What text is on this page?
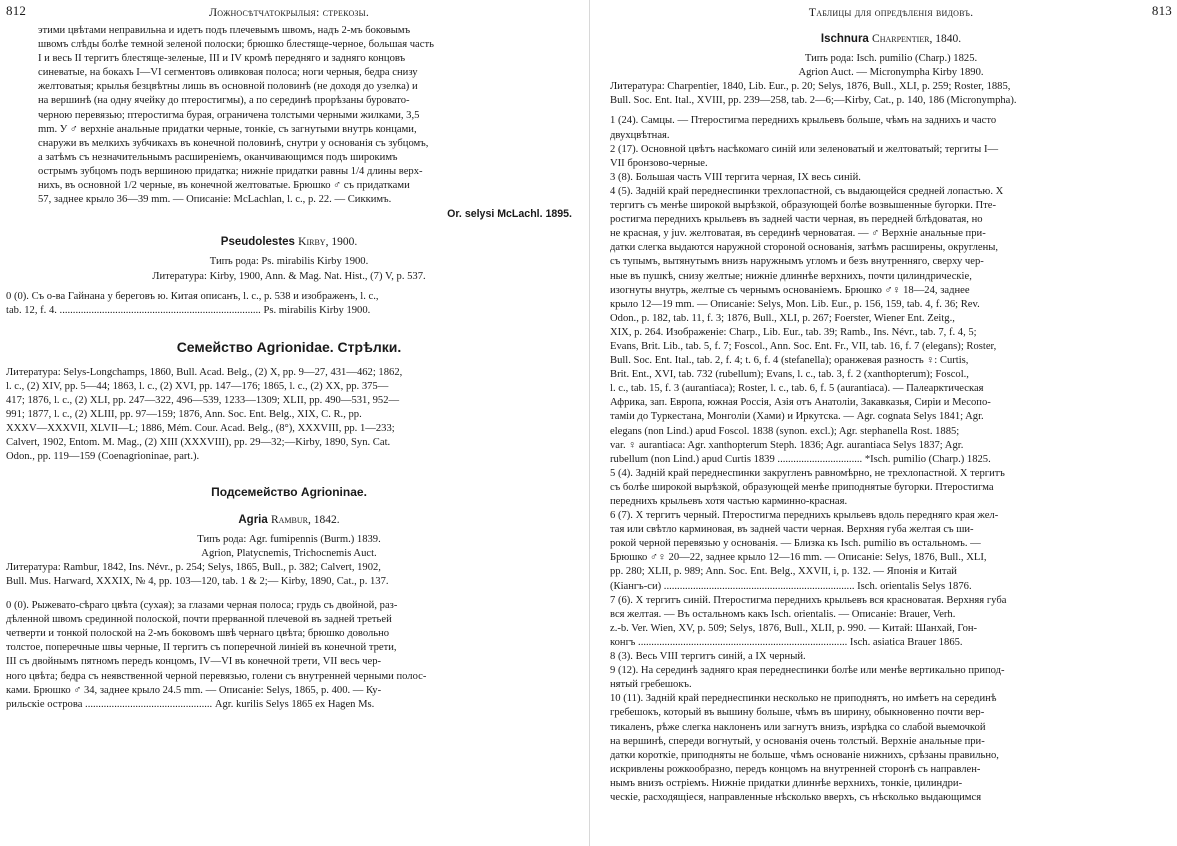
812	Ложносѣтчатокрылыя: стрекозы.
этими цвѣтами неправильна и идетъ подъ плечевымъ швомъ, надъ 2-мъ боковымъ
швомъ слѣды болѣе темной зеленой полоски; брюшко блестяще-черное, большая часть
I и весь II тергитъ блестяще-зеленые, III и IV кромѣ передняго и задняго концовъ
синеватые, на бокахъ I—VI сегментовъ оливковая полоса; ноги черныя, бедра снизу
желтоватыя; крылья безцвѣтны лишь въ основной половинѣ (не доходя до узелка) и
на вершинѣ (на одну ячейку до птеростигмы), а по серединѣ прорѣзаны буровато-
черною перевязью; птеростигма бурая, ограничена толстыми черными жилками, 3,5
mm. У ♂ верхніе анальные придатки черные, тонкіе, съ загнутыми внутрь концами,
снаружи въ мелкихъ зубчикахъ въ конечной половинѣ, снутри у основанія съ зубцомъ,
а затѣмъ съ незначительнымъ расширеніемъ, оканчивающимся подъ широкимъ
острымъ зубцомъ подъ вершиною придатка; нижніе придатки равны 1/4 длины верх-
нихъ, въ основной 1/2 черные, въ конечной желтоватые. Брюшко ♂ съ придатками
57, заднее крыло 36—39 mm. — Описаніе: McLachlan, l. c., p. 22. — Сиккимъ.
Or. selysi McLachl. 1895.
Pseudolestes Kirby, 1900.
Типъ рода: Ps. mirabilis Kirby 1900.
Литература: Kirby, 1900, Ann. & Mag. Nat. Hist., (7) V, p. 537.
0 (0). Съ о-ва Гайнана у береговъ ю. Китая описанъ, l. c., p. 538 и изображенъ, l. c.,
tab. 12, f. 4. ............................................................................ Ps. mirabilis Kirby 1900.
Семейство Agrionidae. Стрѣлки.
Литература: Selys-Longchamps, 1860, Bull. Acad. Belg., (2) X, pp. 9—27, 431—462; 1862,
l. c., (2) XIV, pp. 5—44; 1863, l. c., (2) XVI, pp. 147—176; 1865, l. c., (2) XX, pp. 375—
417; 1876, l. c., (2) XLI, pp. 247—322, 496—539, 1233—1309; XLII, pp. 490—531, 952—
991; 1877, l. c., (2) XLIII, pp. 97—159; 1876, Ann. Soc. Ent. Belg., XIX, C. R., pp.
XXXV—XXXVII, XLVII—L; 1886, Mém. Cour. Acad. Belg., (8°), XXXVIII, pp. 1—233;
Calvert, 1902, Entom. M. Mag., (2) XIII (XXXVIII), pp. 29—32;—Kirby, 1890, Syn. Cat.
Odon., pp. 119—159 (Coenagrioninae, part.).
Подсемейство Agrioninae.
Agria Rambur, 1842.
Типъ рода: Agr. fumipennis (Burm.) 1839.
Agrion, Platycnemis, Trichocnemis Auct.
Литература: Rambur, 1842, Ins. Névr., p. 254; Selys, 1865, Bull., p. 382; Calvert, 1902,
Bull. Mus. Harward, XXXIX, № 4, pp. 103—120, tab. 1 & 2;— Kirby, 1890, Cat., p. 137.
0 (0). Рыжевато-сѣраго цвѣта (сухая); за глазами черная полоса; грудь съ двойной, раз-
дѣленной швомъ срединной полоской, почти прерванной плечевой въ задней третьей
четверти и тонкой полоской на 2-мъ боковомъ швѣ чернаго цвѣта; брюшко довольно
толстое, поперечные швы черные, II тергитъ съ поперечной линіей въ конечной трети,
III съ двойнымъ пятномъ передъ концомъ, IV—VI въ конечной трети, VII весь чер-
ного цвѣта; бедра съ неявственной черной перевязью, голени съ внутренней черными полос-
ками. Брюшко ♂ 34, заднее крыло 24.5 mm. — Описаніе: Selys, 1865, p. 400. — Ку-
рильскіе острова ................................................ Agr. kurilis Selys 1865 ex Hagen Ms.
Таблицы для опредѣленія видовъ.	813
Ischnura Charpentier, 1840.
Типъ рода: Isch. pumilio (Charp.) 1825.
Agrion Auct. — Micronympha Kirby 1890.
Литература: Charpentier, 1840, Lib. Eur., p. 20; Selys, 1876, Bull., XLI, p. 259; Roster, 1885,
Bull. Soc. Ent. Ital., XVIII, pp. 239—258, tab. 2—6;—Kirby, Cat., p. 140, 186 (Micronympha).
1 (24). Самцы. — Птеростигма переднихъ крыльевъ больше, чѣмъ на заднихъ и часто
двухцвѣтная.
2 (17). Основной цвѣтъ насѣкомаго синій или зеленоватый и желтоватый; тергиты I—
VII бронзово-черные.
3 (8). Большая часть VIII тергита черная, IX весь синій.
4 (5). Задній край переднеспинки трехлопастной, съ выдающейся средней лопастью. X
тергитъ съ менѣе широкой вырѣзкой, образующей болѣе возвышенные бугорки. Пте-
ростигма переднихъ крыльевъ въ задней части черная, въ передней блѣдоватая, но
не красная, у juv. желтоватая, въ серединѣ черноватая. — ♂ Верхніе анальные при-
датки слегка выдаются наружной стороной основанія, затѣмъ расширены, округлены,
съ тупымъ, вытянутымъ внизъ наружнымъ угломъ и безъ внутренняго, сверху чер-
ные въ пушкѣ, снизу желтые; нижніе длиннѣе верхнихъ, почти цилиндрическіе,
изогнуты внутрь, желтые съ чернымъ основаніемъ. Брюшко ♂♀ 18—24, заднее
крыло 12—19 mm. — Описаніе: Selys, Mon. Lib. Eur., p. 156, 159, tab. 4, f. 36; Rev.
Odon., p. 182, tab. 11, f. 3; 1876, Bull., XLI, p. 267; Foerster, Wiener Ent. Zeitg.,
XIX, p. 264. Изображеніе: Charp., Lib. Eur., tab. 39; Ramb., Ins. Névr., tab. 7, f. 4, 5;
Evans, Brit. Lib., tab. 5, f. 7; Foscol., Ann. Soc. Ent. Fr., VII, tab. 16, f. 7 (elegans); Roster,
Bull. Soc. Ent. Ital., tab. 2, f. 4; t. 6, f. 4 (stefanella); оранжевая разность ♀: Curtis,
Brit. Ent., XVI, tab. 732 (rubellum); Evans, l. c., tab. 3, f. 2 (xanthopterum); Foscol.,
l. c., tab. 15, f. 3 (aurantiaca); Roster, l. c., tab. 6, f. 5 (aurantiaca). — Палеарктическая
Африка, зап. Европа, южная Россія, Азія отъ Анатоліи, Закавказья, Сиріи и Месопо-
таміи до Туркестана, Монголіи (Хами) и Иркутска. — Agr. cognata Selys 1841; Agr.
elegans (non Lind.) apud Foscol. 1838 (synon. excl.); Agr. stephanella Rost. 1885;
var. ♀ aurantiaca: Agr. xanthopterum Steph. 1836; Agr. aurantiaca Selys 1837; Agr.
rubellum (non Lind.) apud Curtis 1839 ................................ *Isch. pumilio (Charp.) 1825.
5 (4). Задній край переднеспинки закругленъ равномѣрно, не трехлопастной. X тергитъ
съ болѣе широкой вырѣзкой, образующей менѣе приподнятые бугорки. Птеростигма
переднихъ крыльевъ хотя частью карминно-красная.
6 (7). X тергитъ черный. Птеростигма переднихъ крыльевъ вдоль передняго края жел-
тая или свѣтло карминовая, въ задней части черная. Верхняя губа желтая съ ши-
рокой черной перевязью у основанія. — Близка къ Isch. pumilio въ остальномъ. —
Брюшко ♂♀ 20—22, заднее крыло 12—16 mm. — Описаніе: Selys, 1876, Bull., XLI,
pp. 280; XLII, p. 989; Ann. Soc. Ent. Belg., XXVII, i, p. 132. — Японія и Китай
(Кіангъ-си) ........................................................................ Isch. orientalis Selys 1876.
7 (6). X тергитъ синій. Птеростигма переднихъ крыльевъ вся красноватая. Верхняя губа
вся желтая. — Въ остальномъ какъ Isch. orientalis. — Описаніе: Brauer, Verh.
z.-b. Ver. Wien, XV, p. 509; Selys, 1876, Bull., XLII, p. 990. — Китай: Шанхай, Гон-
конгъ ............................................................................... Isch. asiatica Brauer 1865.
8 (3). Весь VIII тергитъ синій, а IX черный.
9 (12). На серединѣ задняго края переднеспинки болѣе или менѣе вертикально припод-
нятый гребешокъ.
10 (11). Задній край переднеспинки несколько не приподнятъ, но имѣетъ на серединѣ
гребешокъ, который въ вышину больше, чѣмъ въ ширину, обыкновенно почти вер-
тикаленъ, рѣже слегка наклоненъ или загнутъ внизъ, изрѣдка со слабой выемочкой
на вершинѣ, спереди вогнутый, у основанія очень толстый. Верхніе анальные при-
датки короткіе, приподняты не больше, чѣмъ основаніе нижнихъ, срѣзаны правильно,
искривлены рожкообразно, передъ концомъ на внутренней сторонѣ съ направлен-
нымъ внизъ остріемъ. Нижніе придатки длиннѣе верхнихъ, тонкіе, цилиндри-
ческіе, расходящіеся, направленные нѣсколько вверхъ, съ нѣсколько выдающимся
